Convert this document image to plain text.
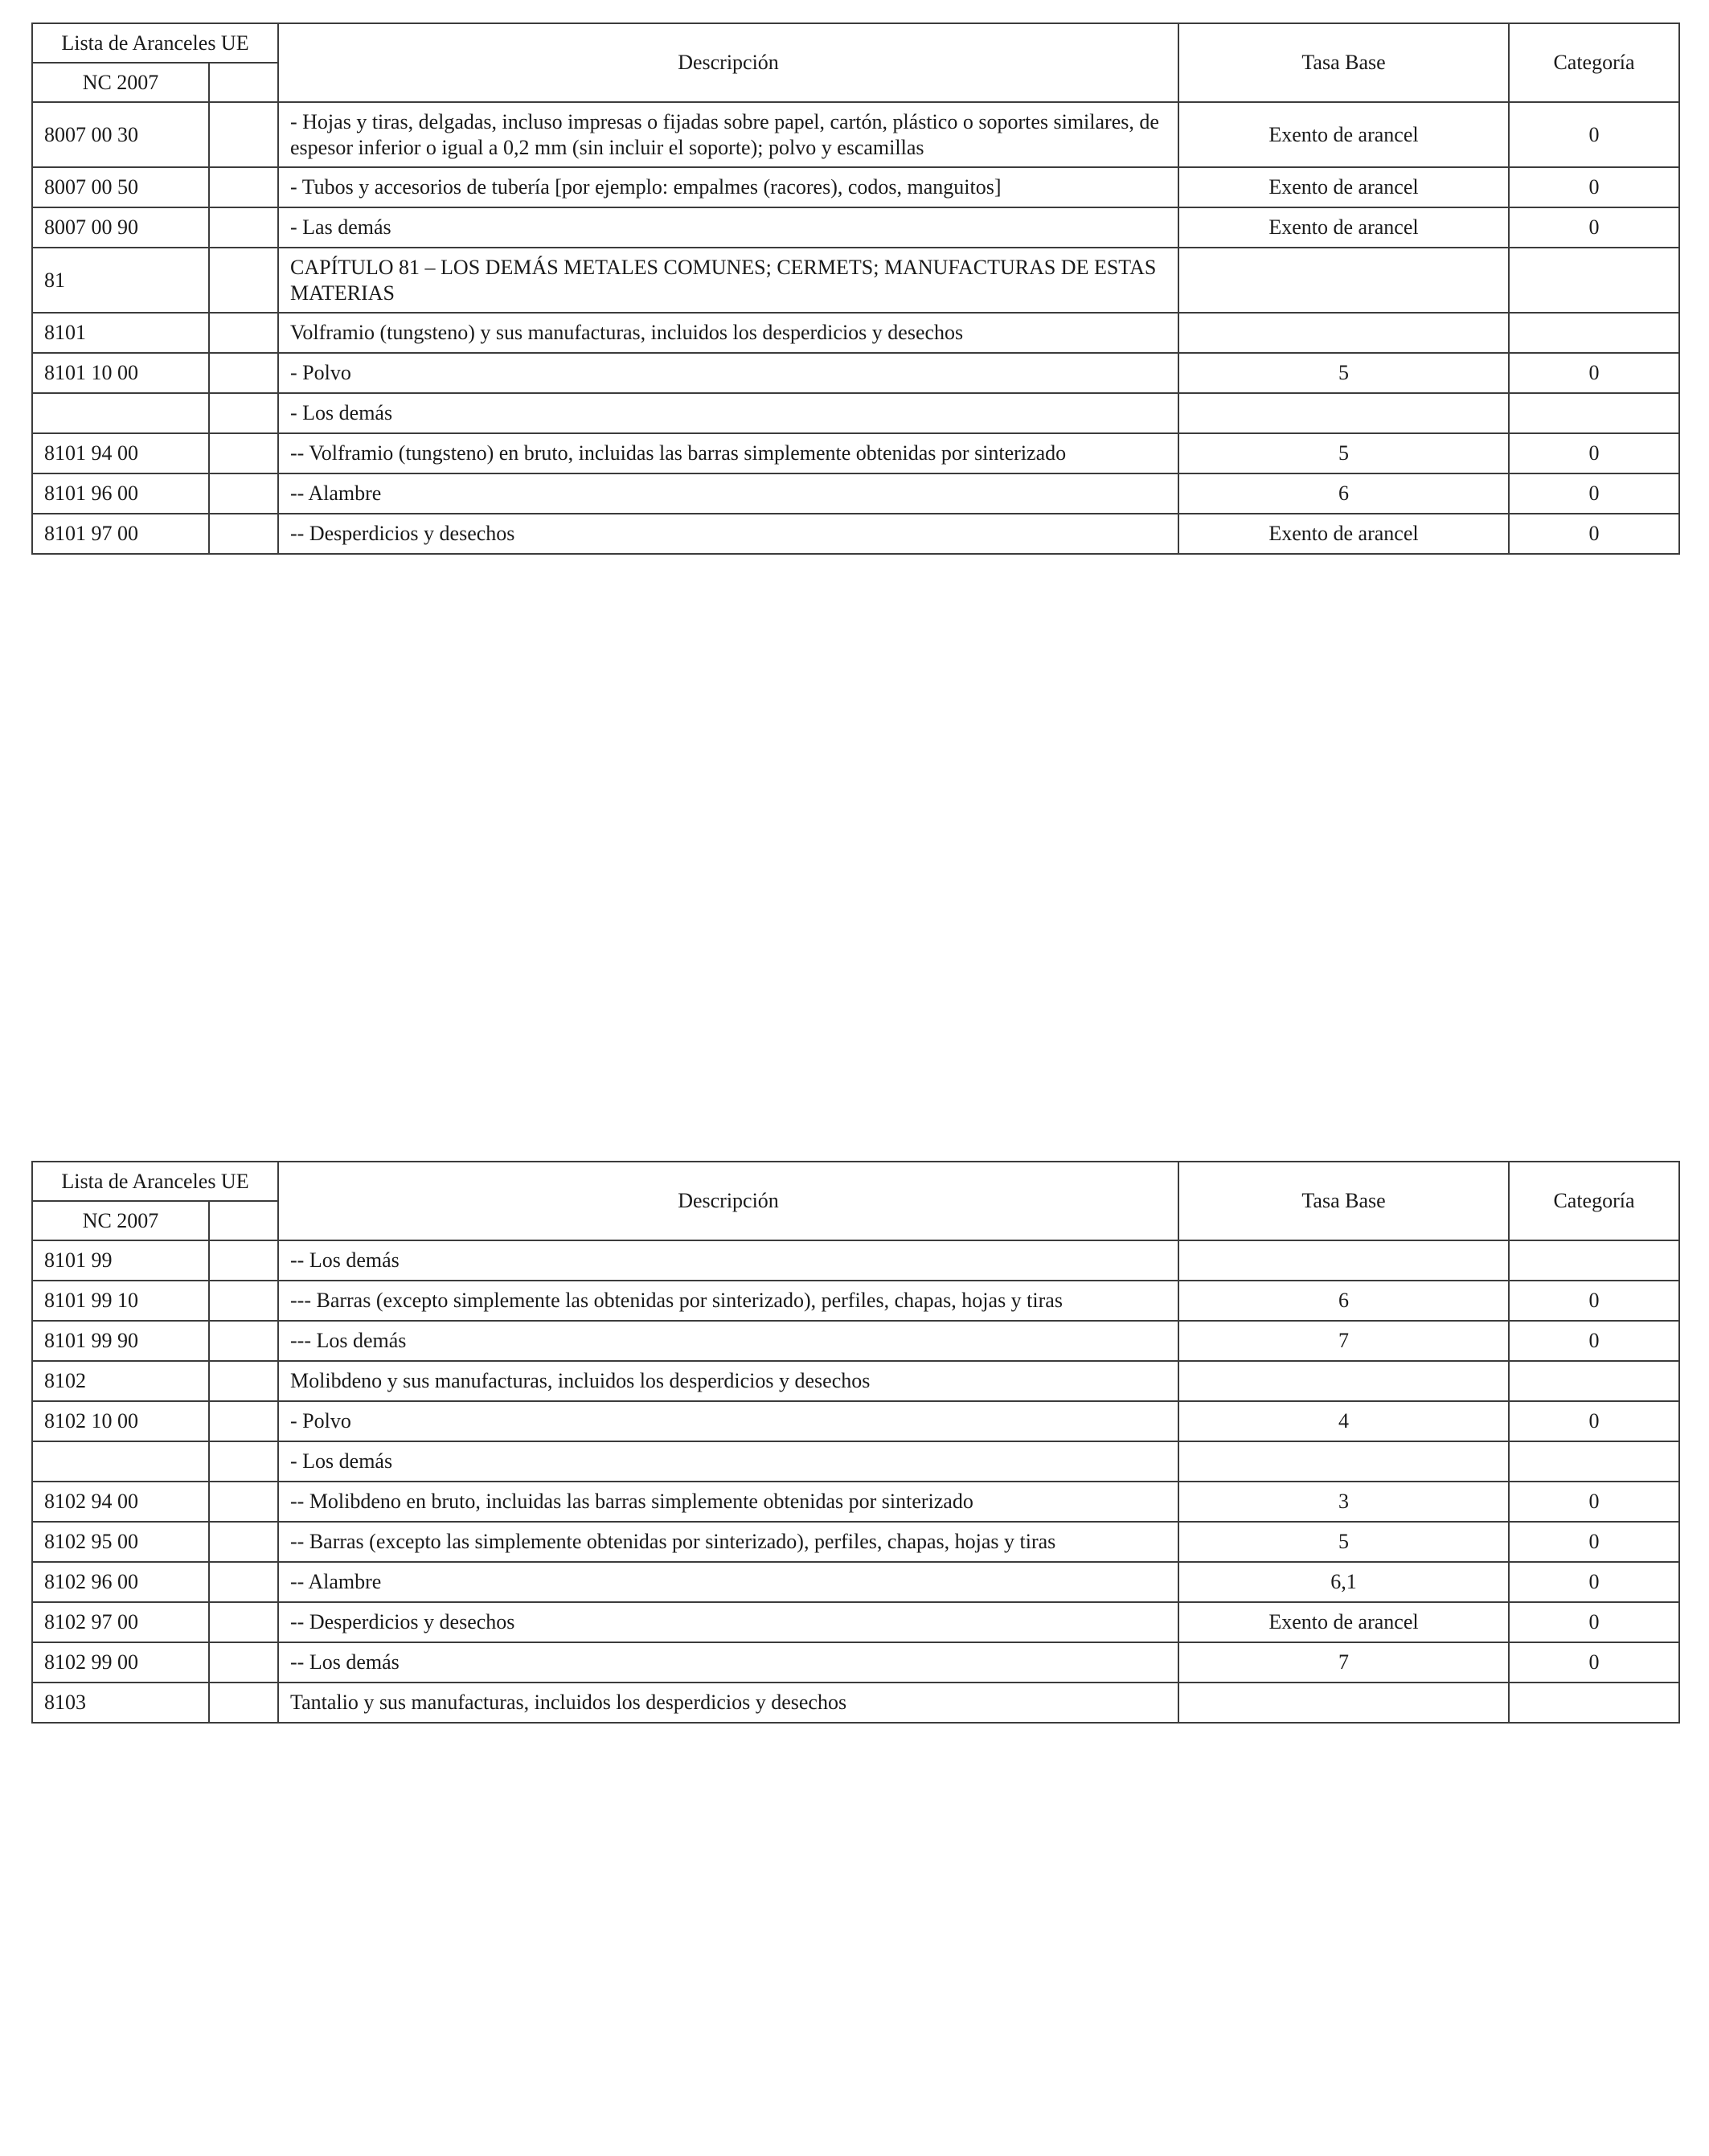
Lista de Aranceles UE		Descripción	Tasa Base	Categoría
NC 2007				
8007 00 30		- Hojas y tiras, delgadas, incluso impresas o fijadas sobre papel, cartón, plástico o soportes similares, de espesor inferior o igual a 0,2 mm (sin incluir el soporte); polvo y escamillas	Exento de arancel	0
8007 00 50		- Tubos y accesorios de tubería [por ejemplo: empalmes (racores), codos, manguitos]	Exento de arancel	0
8007 00 90		- Las demás	Exento de arancel	0
81		CAPÍTULO 81 – LOS DEMÁS METALES COMUNES; CERMETS; MANUFACTURAS DE ESTAS MATERIAS		
8101		Volframio (tungsteno) y sus manufacturas, incluidos los desperdicios y desechos		
8101 10 00		- Polvo	5	0
		- Los demás		
8101 94 00		-- Volframio (tungsteno) en bruto, incluidas las barras simplemente obtenidas por sinterizado	5	0
8101 96 00		-- Alambre	6	0
8101 97 00		-- Desperdicios y desechos	Exento de arancel	0
Lista de Aranceles UE		Descripción	Tasa Base	Categoría
NC 2007				
8101 99		-- Los demás		
8101 99 10		--- Barras (excepto simplemente las obtenidas por sinterizado), perfiles, chapas, hojas y tiras	6	0
8101 99 90		--- Los demás	7	0
8102		Molibdeno y sus manufacturas, incluidos los desperdicios y desechos		
8102 10 00		- Polvo	4	0
		- Los demás		
8102 94 00		-- Molibdeno en bruto, incluidas las barras simplemente obtenidas por sinterizado	3	0
8102 95 00		-- Barras (excepto las simplemente obtenidas por sinterizado), perfiles, chapas, hojas y tiras	5	0
8102 96 00		-- Alambre	6,1	0
8102 97 00		-- Desperdicios y desechos	Exento de arancel	0
8102 99 00		-- Los demás	7	0
8103		Tantalio y sus manufacturas, incluidos los desperdicios y desechos		
